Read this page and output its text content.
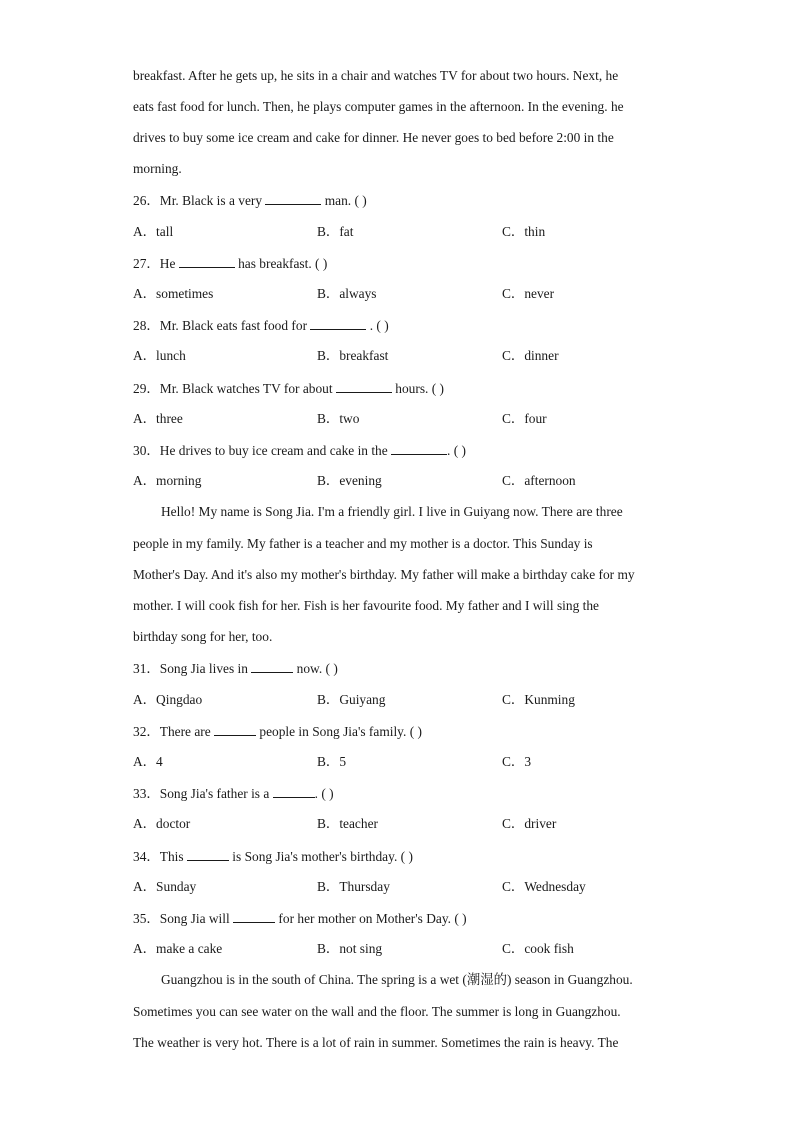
breakfast. After he gets up, he sits in a chair and watches TV for about two hours. Next, he
eats fast food for lunch. Then, he plays computer games in the afternoon. In the evening. he
drives to buy some ice cream and cake for dinner. He never goes to bed before 2:00 in the
morning.
26．Mr. Black is a very	man. ( )
A．tall	B．fat	C．thin
27．He	has breakfast. ( )
A．sometimes	B．always	C．never
28．Mr. Black eats fast food for	. ( )
A．lunch	B．breakfast	C．dinner
29．Mr. Black watches TV for about	hours. ( )
A．three	B．two	C．four
30．He drives to buy ice cream and cake in the	. ( )
A．morning	B．evening	C．afternoon
Hello! My name is Song Jia. I'm a friendly girl. I live in Guiyang now. There are three
people in my family. My father is a teacher and my mother is a doctor. This Sunday is
Mother's Day. And it's also my mother's birthday. My father will make a birthday cake for my
mother. I will cook fish for her. Fish is her favourite food. My father and I will sing the
birthday song for her, too.
31．Song Jia lives in	now. ( )
A．Qingdao	B．Guiyang	C．Kunming
32．There are	people in Song Jia's family. ( )
A．4	B．5	C．3
33．Song Jia's father is a	. ( )
A．doctor	B．teacher	C．driver
34．This	is Song Jia's mother's birthday. ( )
A．Sunday	B．Thursday	C．Wednesday
35．Song Jia will	for her mother on Mother's Day. ( )
A．make a cake	B．not sing	C．cook fish
Guangzhou is in the south of China. The spring is a wet (潮湿的) season in Guangzhou.
Sometimes you can see water on the wall and the floor. The summer is long in Guangzhou.
The weather is very hot. There is a lot of rain in summer. Sometimes the rain is heavy. The
